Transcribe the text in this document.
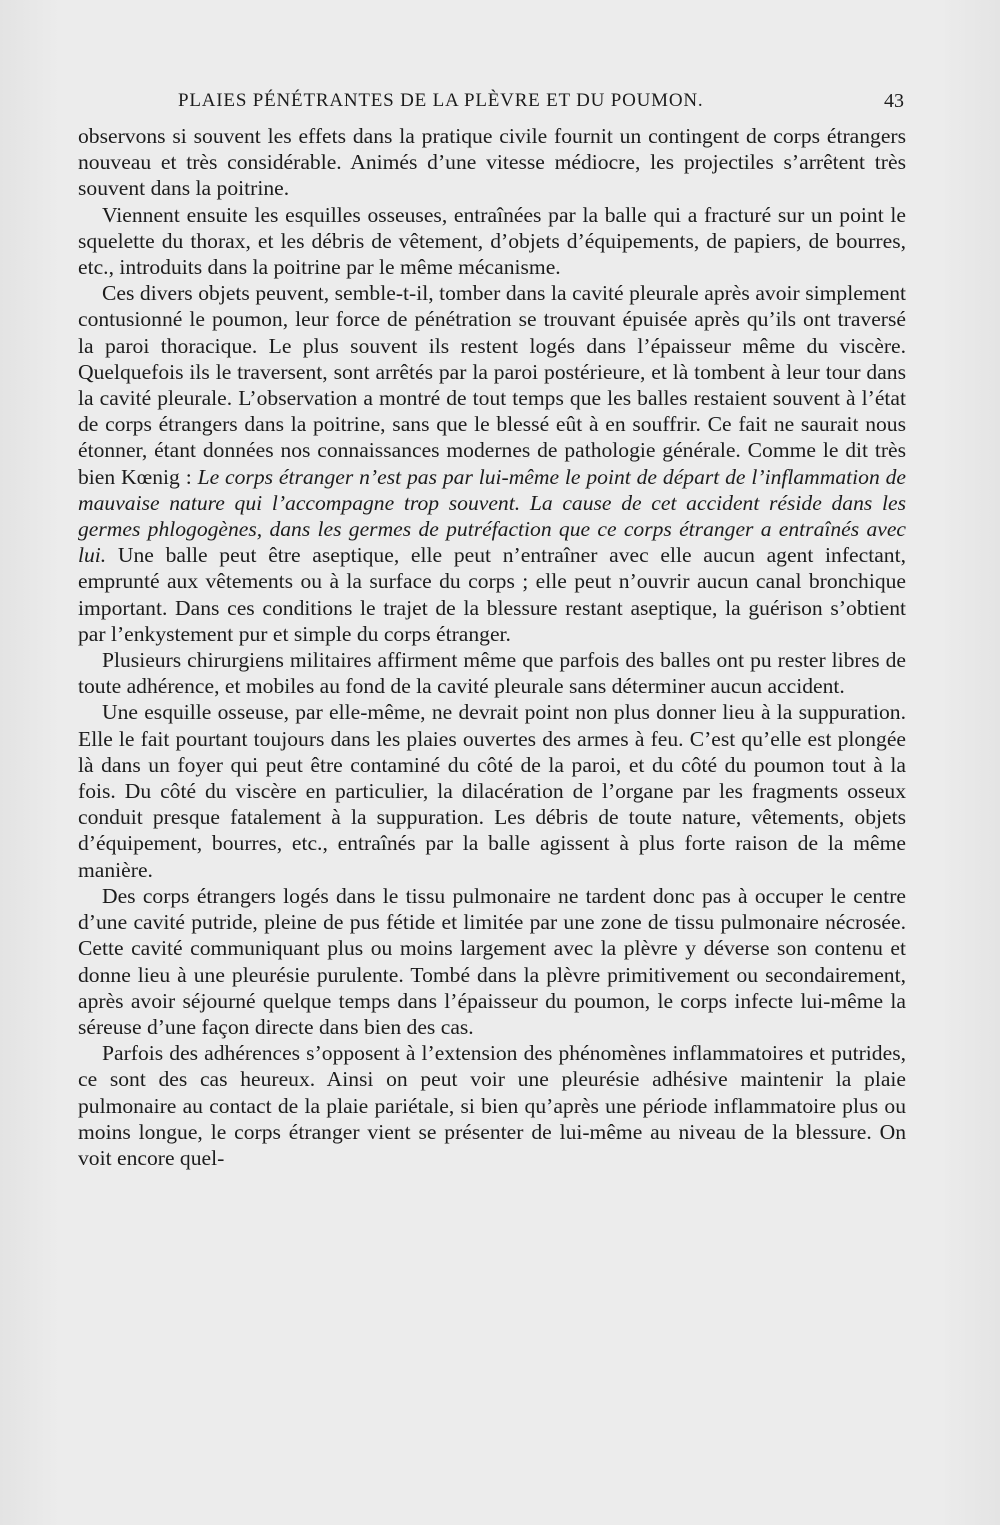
PLAIES PÉNÉTRANTES DE LA PLÈVRE ET DU POUMON.	43

observons si souvent les effets dans la pratique civile fournit un contingent de corps étrangers nouveau et très considérable. Animés d’une vitesse médiocre, les projectiles s’arrêtent très souvent dans la poitrine.

Viennent ensuite les esquilles osseuses, entraînées par la balle qui a fracturé sur un point le squelette du thorax, et les débris de vêtement, d’objets d’équipements, de papiers, de bourres, etc., introduits dans la poitrine par le même mécanisme.

Ces divers objets peuvent, semble-t-il, tomber dans la cavité pleurale après avoir simplement contusionné le poumon, leur force de pénétration se trouvant épuisée après qu’ils ont traversé la paroi thoracique. Le plus souvent ils restent logés dans l’épaisseur même du viscère. Quelquefois ils le traversent, sont arrêtés par la paroi postérieure, et là tombent à leur tour dans la cavité pleurale. L’observation a montré de tout temps que les balles restaient souvent à l’état de corps étrangers dans la poitrine, sans que le blessé eût à en souffrir. Ce fait ne saurait nous étonner, étant données nos connaissances modernes de pathologie générale. Comme le dit très bien Kœnig : Le corps étranger n’est pas par lui-même le point de départ de l’inflammation de mauvaise nature qui l’accompagne trop souvent. La cause de cet accident réside dans les germes phlogogènes, dans les germes de putréfaction que ce corps étranger a entraînés avec lui. Une balle peut être aseptique, elle peut n’entraîner avec elle aucun agent infectant, emprunté aux vêtements ou à la surface du corps ; elle peut n’ouvrir aucun canal bronchique important. Dans ces conditions le trajet de la blessure restant aseptique, la guérison s’obtient par l’enkystement pur et simple du corps étranger.

Plusieurs chirurgiens militaires affirment même que parfois des balles ont pu rester libres de toute adhérence, et mobiles au fond de la cavité pleurale sans déterminer aucun accident.

Une esquille osseuse, par elle-même, ne devrait point non plus donner lieu à la suppuration. Elle le fait pourtant toujours dans les plaies ouvertes des armes à feu. C’est qu’elle est plongée là dans un foyer qui peut être contaminé du côté de la paroi, et du côté du poumon tout à la fois. Du côté du viscère en particulier, la dilacération de l’organe par les fragments osseux conduit presque fatalement à la suppuration. Les débris de toute nature, vêtements, objets d’équipement, bourres, etc., entraînés par la balle agissent à plus forte raison de la même manière.

Des corps étrangers logés dans le tissu pulmonaire ne tardent donc pas à occuper le centre d’une cavité putride, pleine de pus fétide et limitée par une zone de tissu pulmonaire nécrosée. Cette cavité communiquant plus ou moins largement avec la plèvre y déverse son contenu et donne lieu à une pleurésie purulente. Tombé dans la plèvre primitivement ou secondairement, après avoir séjourné quelque temps dans l’épaisseur du poumon, le corps infecte lui-même la séreuse d’une façon directe dans bien des cas.

Parfois des adhérences s’opposent à l’extension des phénomènes inflammatoires et putrides, ce sont des cas heureux. Ainsi on peut voir une pleurésie adhésive maintenir la plaie pulmonaire au contact de la plaie pariétale, si bien qu’après une période inflammatoire plus ou moins longue, le corps étranger vient se présenter de lui-même au niveau de la blessure. On voit encore quel-
